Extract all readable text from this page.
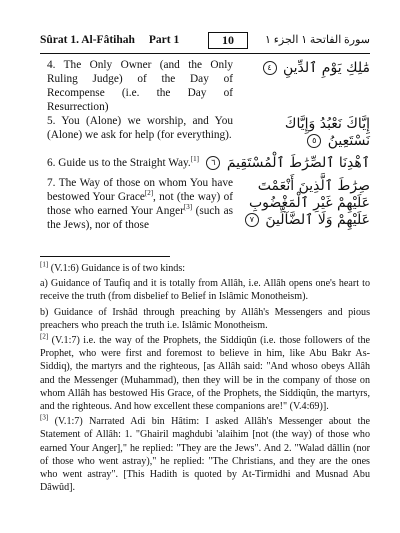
Sûrat 1. Al-Fâtihah Part 1	10	سورة الفاتحة ١ الجزء ١
4. The Only Owner (and the Only Ruling Judge) of the Day of Recompense (i.e. the Day of Resurrection)
مَٰلِكِ يَوْمِ ٱلدِّينِ ٤
5. You (Alone) we worship, and You (Alone) we ask for help (for everything).
إِيَّاكَ نَعْبُدُ وَإِيَّاكَ نَسْتَعِينُ ٥
6. Guide us to the Straight Way.[1]	ٱهْدِنَا ٱلصِّرَٰطَ ٱلْمُسْتَقِيمَ ٦
7. The Way of those on whom You have bestowed Your Grace[2], not (the way) of those who earned Your Anger[3] (such as the Jews), nor of those
صِرَٰطَ ٱلَّذِينَ أَنْعَمْتَ عَلَيْهِمْ غَيْرِ ٱلْمَغْضُوبِ عَلَيْهِمْ وَلَا ٱلضَّآلِّينَ ٧

[1] (V.1:6) Guidance is of two kinds:

a) Guidance of Taufiq and it is totally from Allâh, i.e. Allâh opens one's heart to receive the truth (from disbelief to Belief in Islâmic Monotheism).

b) Guidance of Irshâd through preaching by Allâh's Messengers and pious preachers who preach the truth i.e. Islâmic Monotheism.

[2] (V.1:7) i.e. the way of the Prophets, the Siddiqûn (i.e. those followers of the Prophet, who were first and foremost to believe in him, like Abu Bakr As-Siddiq), the martyrs and the righteous, [as Allâh said: "And whoso obeys Allâh and the Messenger (Muhammad), then they will be in the company of those on whom Allâh has bestowed His Grace, of the Prophets, the Siddiqûn, the martyrs, and the righteous. And how excellent these companions are!" (V.4:69)].

[3] (V.1:7) Narrated Adi bin Hâtim: I asked Allâh's Messenger about the Statement of Allâh: 1. "Ghairil maghdubi 'alaihim [not (the way) of those who earned Your Anger]," he replied: "They are the Jews". And 2. "Walad dâllin (nor of those who went astray)," he replied: "The Christians, and they are the ones who went astray". [This Hadith is quoted by At-Tirmidhi and Musnad Abu Dâwûd].
